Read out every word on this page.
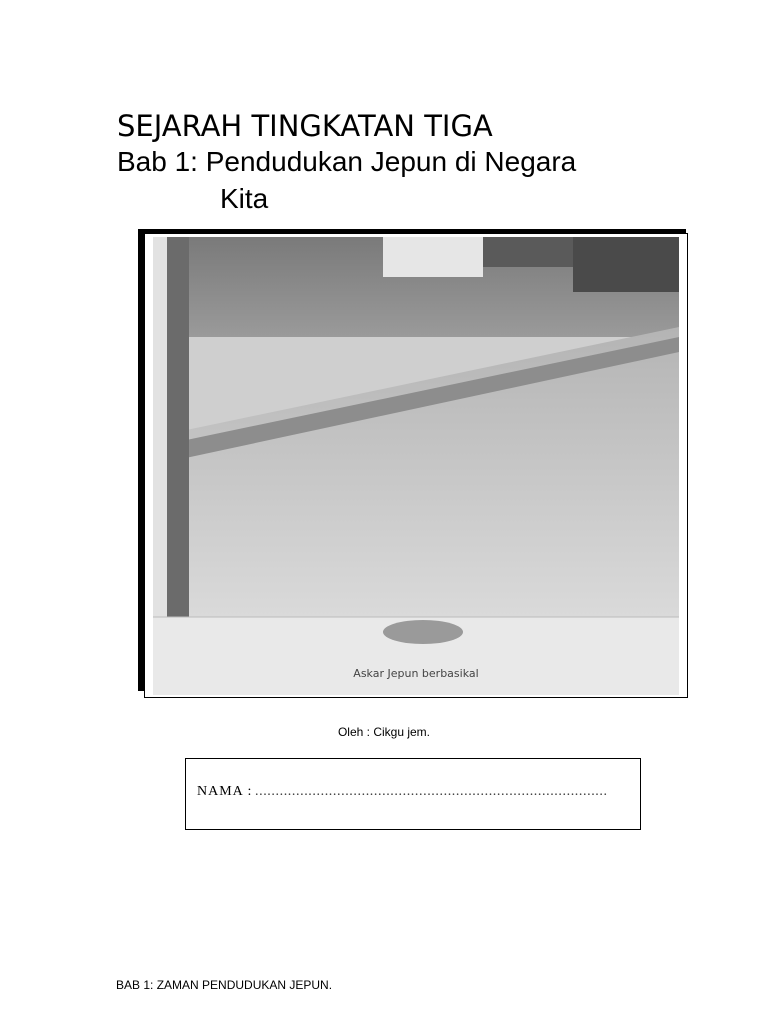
SEJARAH TINGKATAN TIGA
Bab 1: Pendudukan Jepun di Negara
Kita
Askar Jepun berbasikal
Oleh : Cikgu jem.
NAMA : ......................................................................................
BAB 1: ZAMAN PENDUDUKAN JEPUN.
